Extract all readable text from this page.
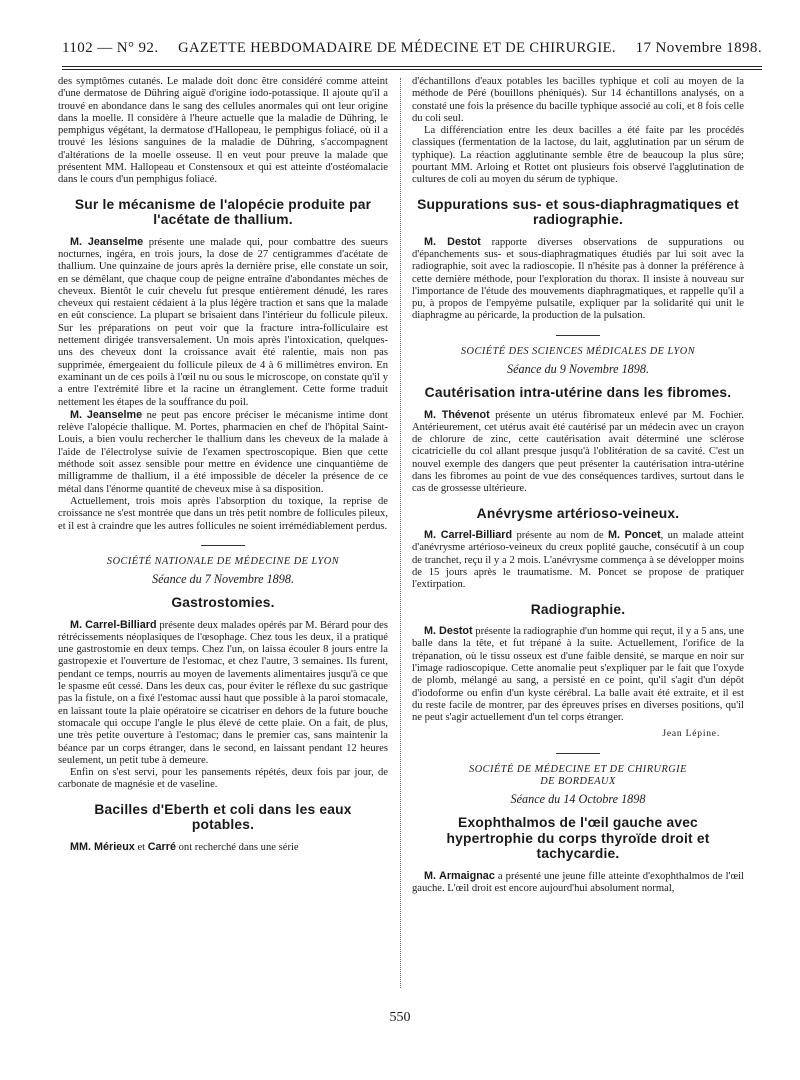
1102 — N° 92. GAZETTE HEBDOMADAIRE DE MÉDECINE ET DE CHIRURGIE. 17 Novembre 1898.

des symptômes cutanés. Le malade doit donc être considéré comme atteint d'une dermatose de Dühring aiguë d'origine iodo-potassique. Il ajoute qu'il a trouvé en abondance dans le sang des cellules anormales qui ont leur origine dans la moelle. Il considère à l'heure actuelle que la maladie de Dühring, le pemphigus végétant, la dermatose d'Hallopeau, le pemphigus foliacé, où il a trouvé les lésions sanguines de la maladie de Dühring, s'accompagnent d'altérations de la moelle osseuse. Il en veut pour preuve la malade que présentent MM. Hallopeau et Constensoux et qui est atteinte d'ostéomalacie dans le cours d'un pemphigus foliacé.

Sur le mécanisme de l'alopécie produite par l'acétate de thallium.

M. Jeanselme présente une malade qui, pour combattre des sueurs nocturnes, ingéra, en trois jours, la dose de 27 centigrammes d'acétate de thallium. Une quinzaine de jours après la dernière prise, elle constate un soir, en se démêlant, que chaque coup de peigne entraîne d'abondantes mèches de cheveux. Bientôt le cuir chevelu fut presque entièrement dénudé, les rares cheveux qui restaient cédaient à la plus légère traction et sans que la malade en eût conscience. La plupart se brisaient dans l'intérieur du follicule pileux. Sur les préparations on peut voir que la fracture intra-folliculaire est nettement dirigée transversalement. Un mois après l'intoxication, quelques-uns des cheveux dont la croissance avait été ralentie, mais non pas supprimée, émergeaient du follicule pileux de 4 à 6 millimètres environ. En examinant un de ces poils à l'œil nu ou sous le microscope, on constate qu'il y a entre l'extrémité libre et la racine un étranglement. Cette forme traduit nettement les étapes de la souffrance du poil.

M. Jeanselme ne peut pas encore préciser le mécanisme intime dont relève l'alopécie thallique. M. Portes, pharmacien en chef de l'hôpital Saint-Louis, a bien voulu rechercher le thallium dans les cheveux de la malade à l'aide de l'électrolyse suivie de l'examen spectroscopique. Bien que cette méthode soit assez sensible pour mettre en évidence une cinquantième de milligramme de thallium, il a été impossible de déceler la présence de ce métal dans l'énorme quantité de cheveux mise à sa disposition.

Actuellement, trois mois après l'absorption du toxique, la reprise de croissance ne s'est montrée que dans un très petit nombre de follicules pileux, et il est à craindre que les autres follicules ne soient irrémédiablement perdus.

SOCIÉTÉ NATIONALE DE MÉDECINE DE LYON
Séance du 7 Novembre 1898.
Gastrostomies.

M. Carrel-Billiard présente deux malades opérés par M. Bérard pour des rétrécissements néoplasiques de l'œsophage. Chez tous les deux, il a pratiqué une gastrostomie en deux temps. Chez l'un, on laissa écouler 8 jours entre la gastropexie et l'ouverture de l'estomac, et chez l'autre, 3 semaines. Ils furent, pendant ce temps, nourris au moyen de lavements alimentaires jusqu'à ce que le spasme eût cessé. Dans les deux cas, pour éviter le réflexe du suc gastrique pas la fistule, on a fixé l'estomac aussi haut que possible à la paroi stomacale, en laissant toute la plaie opératoire se cicatriser en dehors de la future bouche stomacale qui occupe l'angle le plus élevé de cette plaie. On a fait, de plus, une très petite ouverture à l'estomac; dans le premier cas, sans maintenir la béance par un corps étranger, dans le second, en laissant pendant 12 heures seulement, un petit tube à demeure.

Enfin on s'est servi, pour les pansements répétés, deux fois par jour, de carbonate de magnésie et de vaseline.

Bacilles d'Eberth et coli dans les eaux potables.

MM. Mérieux et Carré ont recherché dans une série

d'échantillons d'eaux potables les bacilles typhique et coli au moyen de la méthode de Péré (bouillons phéniqués). Sur 14 échantillons analysés, on a constaté une fois la présence du bacille typhique associé au coli, et 8 fois celle du coli seul.

La différenciation entre les deux bacilles a été faite par les procédés classiques (fermentation de la lactose, du lait, agglutination par un sérum de typhique). La réaction agglutinante semble être de beaucoup la plus sûre; pourtant MM. Arloing et Rottet ont plusieurs fois observé l'agglutination de cultures de coli au moyen du sérum de typhique.

Suppurations sus- et sous-diaphragmatiques et radiographie.

M. Destot rapporte diverses observations de suppurations ou d'épanchements sus- et sous-diaphragmatiques étudiés par lui soit avec la radiographie, soit avec la radioscopie. Il n'hésite pas à donner la préférence à cette dernière méthode, pour l'exploration du thorax. Il insiste à nouveau sur l'importance de l'étude des mouvements diaphragmatiques, et rappelle qu'il a pu, à propos de l'empyème pulsatile, expliquer par la solidarité qui unit le diaphragme au péricarde, la production de la pulsation.

SOCIÉTÉ DES SCIENCES MÉDICALES DE LYON
Séance du 9 Novembre 1898.
Cautérisation intra-utérine dans les fibromes.

M. Thévenot présente un utérus fibromateux enlevé par M. Fochier. Antérieurement, cet utérus avait été cautérisé par un médecin avec un crayon de chlorure de zinc, cette cautérisation avait déterminé une sclérose cicatricielle du col allant presque jusqu'à l'oblitération de sa cavité. C'est un nouvel exemple des dangers que peut présenter la cautérisation intra-utérine dans les fibromes au point de vue des conséquences tardives, surtout dans le cas de grossesse ultérieure.

Anévrysme artérioso-veineux.

M. Carrel-Billiard présente au nom de M. Poncet, un malade atteint d'anévrysme artérioso-veineux du creux poplité gauche, consécutif à un coup de tranchet, reçu il y a 2 mois. L'anévrysme commença à se développer moins de 15 jours après le traumatisme. M. Poncet se propose de pratiquer l'extirpation.

Radiographie.

M. Destot présente la radiographie d'un homme qui reçut, il y a 5 ans, une balle dans la tête, et fut trépané à la suite. Actuellement, l'orifice de la trépanation, où le tissu osseux est d'une faible densité, se marque en noir sur l'image radioscopique. Cette anomalie peut s'expliquer par le fait que l'oxyde de plomb, mélangé au sang, a persisté en ce point, qu'il s'agit d'un dépôt d'iodoforme ou enfin d'un kyste cérébral. La balle avait été extraite, et il est du reste facile de montrer, par des épreuves prises en diverses positions, qu'il ne peut s'agir actuellement d'un tel corps étranger.

Jean Lépine.
SOCIÉTÉ DE MÉDECINE ET DE CHIRURGIE
DE BORDEAUX
Séance du 14 Octobre 1898
Exophthalmos de l'œil gauche avec hypertrophie du corps thyroïde droit et tachycardie.

M. Armaignac a présenté une jeune fille atteinte d'exophthalmos de l'œil gauche. L'œil droit est encore aujourd'hui absolument normal,

550
